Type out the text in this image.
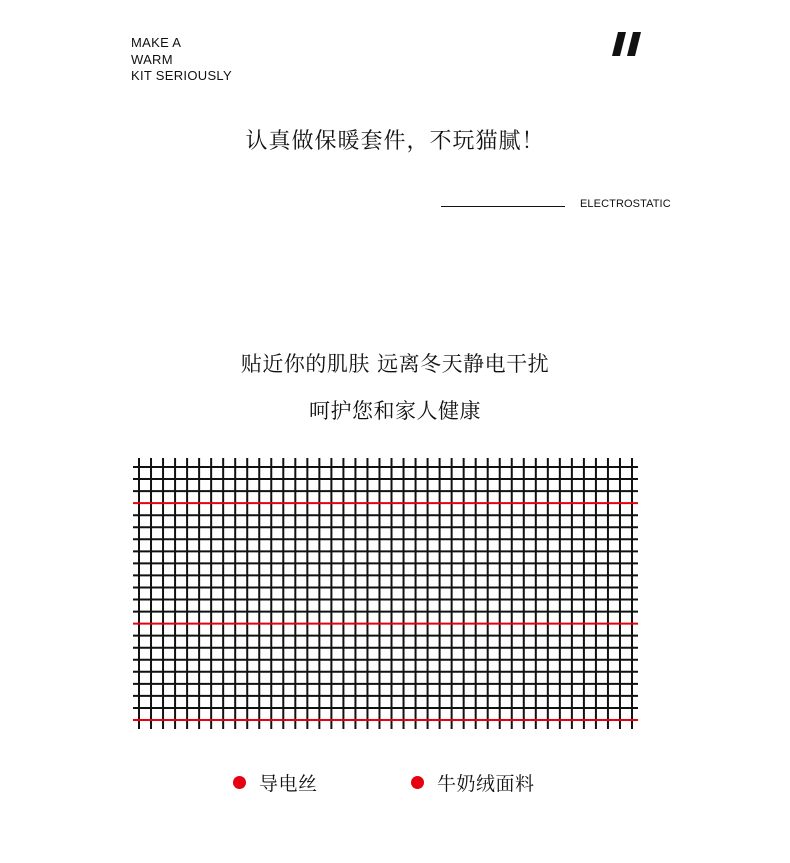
MAKE A
WARM
KIT SERIOUSLY
认真做保暖套件，不玩猫腻！
ELECTROSTATIC
贴近你的肌肤 远离冬天静电干扰
呵护您和家人健康
导电丝	牛奶绒面料
